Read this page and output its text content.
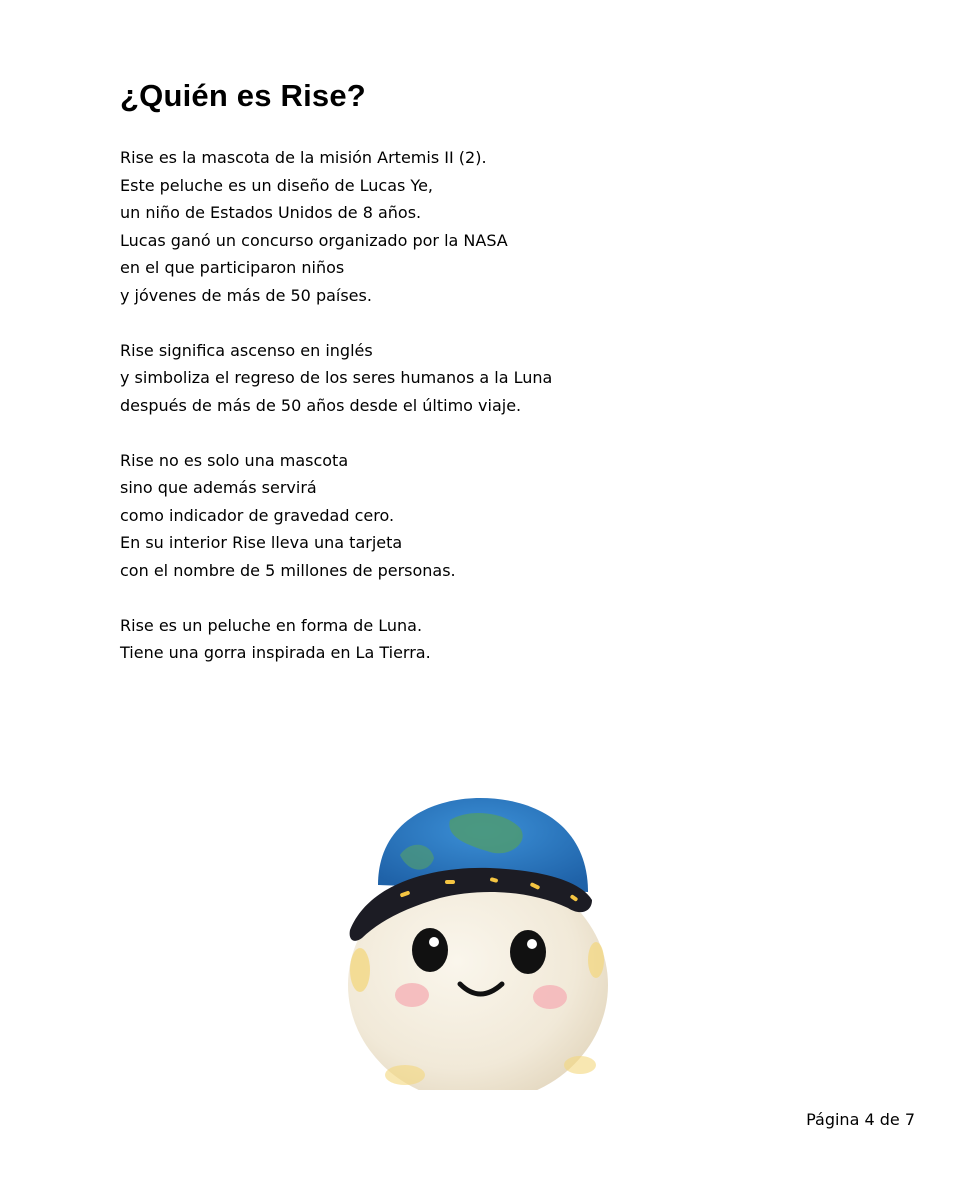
¿Quién es Rise?

Rise es la mascota de la misión Artemis II (2).
Este peluche es un diseño de Lucas Ye,
un niño de Estados Unidos de 8 años.
Lucas ganó un concurso organizado por la NASA
en el que participaron niños
y jóvenes de más de 50 países.

Rise significa ascenso en inglés
y simboliza el regreso de los seres humanos a la Luna
después de más de 50 años desde el último viaje.

Rise no es solo una mascota
sino que además servirá
como indicador de gravedad cero.
En su interior Rise lleva una tarjeta
con el nombre de 5 millones de personas.

Rise es un peluche en forma de Luna.
Tiene una gorra inspirada en La Tierra.

Página 4 de 7
